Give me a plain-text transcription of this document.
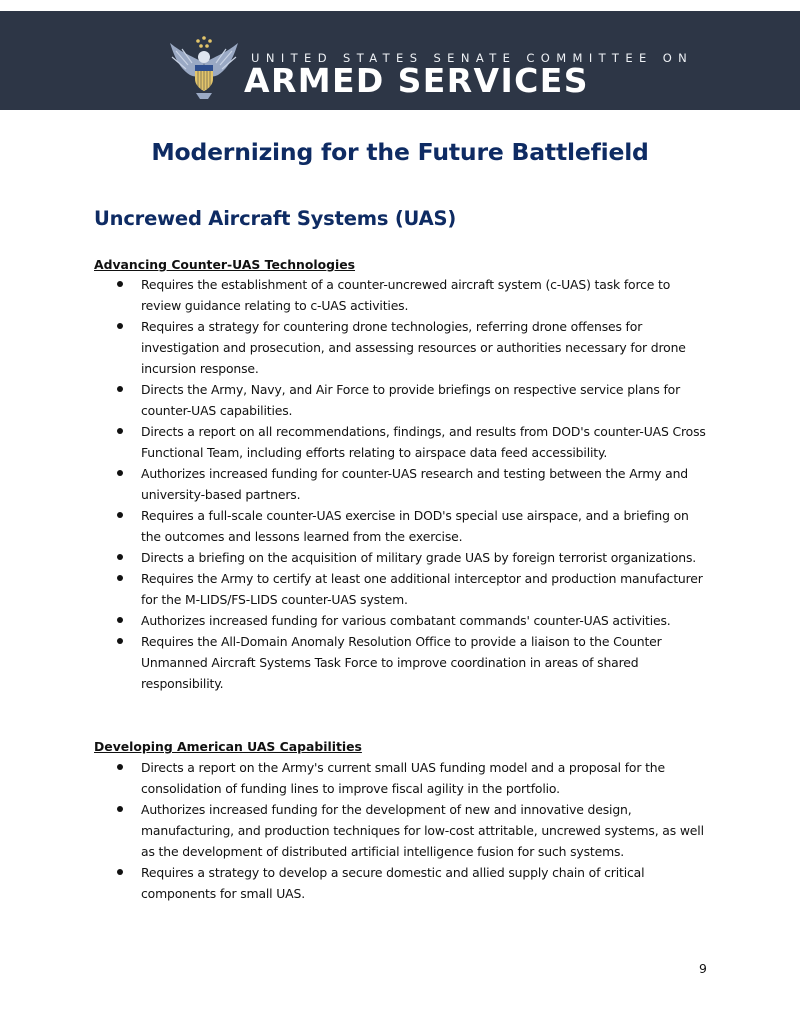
UNITED STATES SENATE COMMITTEE ON
ARMED SERVICES
Modernizing for the Future Battlefield
Uncrewed Aircraft Systems (UAS)
Advancing Counter-UAS Technologies
Requires the establishment of a counter-uncrewed aircraft system (c-UAS) task force to review guidance relating to c-UAS activities.
Requires a strategy for countering drone technologies, referring drone offenses for investigation and prosecution, and assessing resources or authorities necessary for drone incursion response.
Directs the Army, Navy, and Air Force to provide briefings on respective service plans for counter-UAS capabilities.
Directs a report on all recommendations, findings, and results from DOD's counter-UAS Cross Functional Team, including efforts relating to airspace data feed accessibility.
Authorizes increased funding for counter-UAS research and testing between the Army and university-based partners.
Requires a full-scale counter-UAS exercise in DOD's special use airspace, and a briefing on the outcomes and lessons learned from the exercise.
Directs a briefing on the acquisition of military grade UAS by foreign terrorist organizations.
Requires the Army to certify at least one additional interceptor and production manufacturer for the M-LIDS/FS-LIDS counter-UAS system.
Authorizes increased funding for various combatant commands' counter-UAS activities.
Requires the All-Domain Anomaly Resolution Office to provide a liaison to the Counter Unmanned Aircraft Systems Task Force to improve coordination in areas of shared responsibility.
Developing American UAS Capabilities
Directs a report on the Army's current small UAS funding model and a proposal for the consolidation of funding lines to improve fiscal agility in the portfolio.
Authorizes increased funding for the development of new and innovative design, manufacturing, and production techniques for low-cost attritable, uncrewed systems, as well as the development of distributed artificial intelligence fusion for such systems.
Requires a strategy to develop a secure domestic and allied supply chain of critical components for small UAS.
9
